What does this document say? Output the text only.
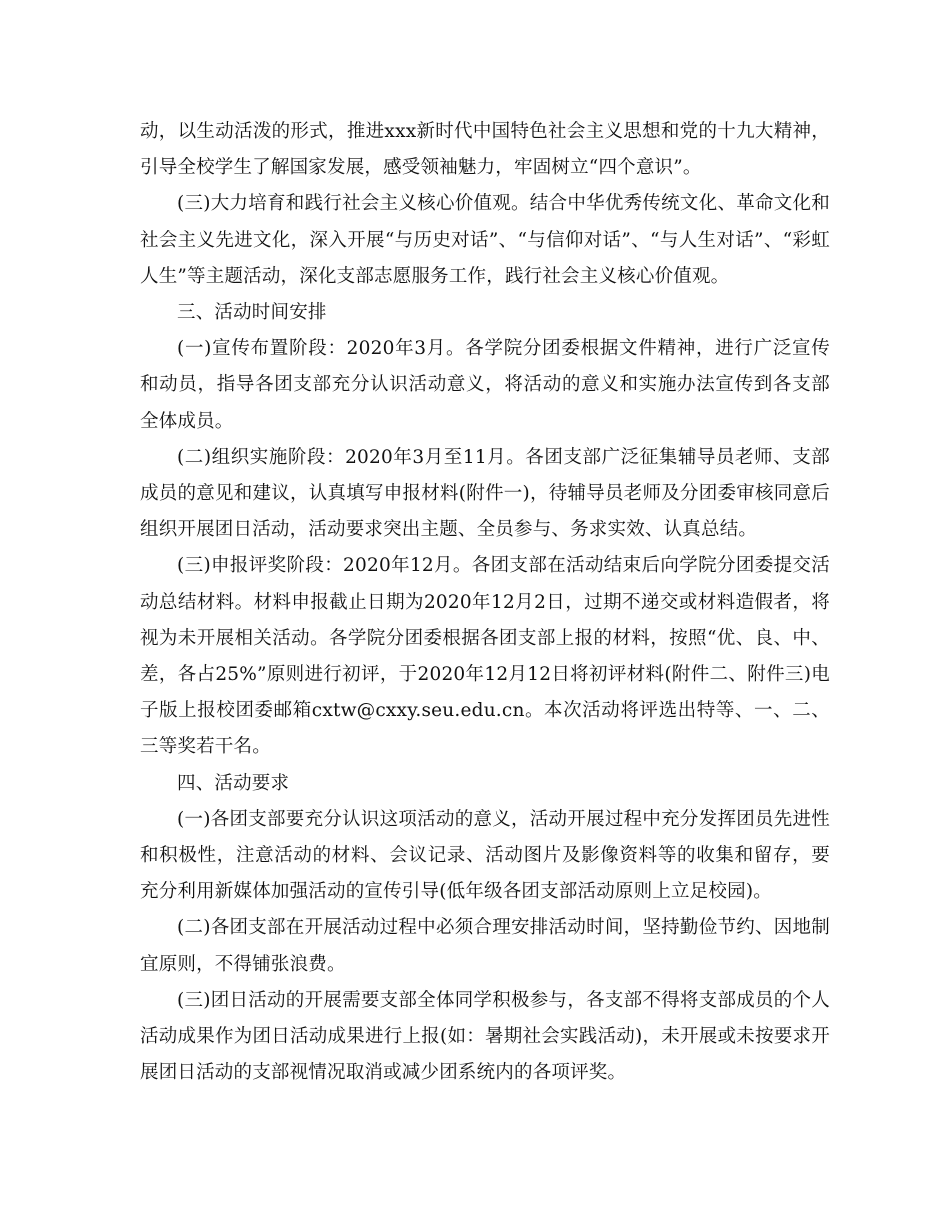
动，以生动活泼的形式，推进xxx新时代中国特色社会主义思想和党的十九大精神，引导全校学生了解国家发展，感受领袖魅力，牢固树立“四个意识”。

(三)大力培育和践行社会主义核心价值观。结合中华优秀传统文化、革命文化和社会主义先进文化，深入开展“与历史对话”、“与信仰对话”、“与人生对话”、“彩虹人生”等主题活动，深化支部志愿服务工作，践行社会主义核心价值观。

三、活动时间安排

(一)宣传布置阶段：2020年3月。各学院分团委根据文件精神，进行广泛宣传和动员，指导各团支部充分认识活动意义，将活动的意义和实施办法宣传到各支部全体成员。

(二)组织实施阶段：2020年3月至11月。各团支部广泛征集辅导员老师、支部成员的意见和建议，认真填写申报材料(附件一)，待辅导员老师及分团委审核同意后组织开展团日活动，活动要求突出主题、全员参与、务求实效、认真总结。

(三)申报评奖阶段：2020年12月。各团支部在活动结束后向学院分团委提交活动总结材料。材料申报截止日期为2020年12月2日，过期不递交或材料造假者，将视为未开展相关活动。各学院分团委根据各团支部上报的材料，按照“优、良、中、差，各占25%”原则进行初评，于2020年12月12日将初评材料(附件二、附件三)电子版上报校团委邮箱cxtw@cxxy.seu.edu.cn。本次活动将评选出特等、一、二、三等奖若干名。

四、活动要求

(一)各团支部要充分认识这项活动的意义，活动开展过程中充分发挥团员先进性和积极性，注意活动的材料、会议记录、活动图片及影像资料等的收集和留存，要充分利用新媒体加强活动的宣传引导(低年级各团支部活动原则上立足校园)。

(二)各团支部在开展活动过程中必须合理安排活动时间，坚持勤俭节约、因地制宜原则，不得铺张浪费。

(三)团日活动的开展需要支部全体同学积极参与，各支部不得将支部成员的个人活动成果作为团日活动成果进行上报(如：暑期社会实践活动)，未开展或未按要求开展团日活动的支部视情况取消或减少团系统内的各项评奖。
